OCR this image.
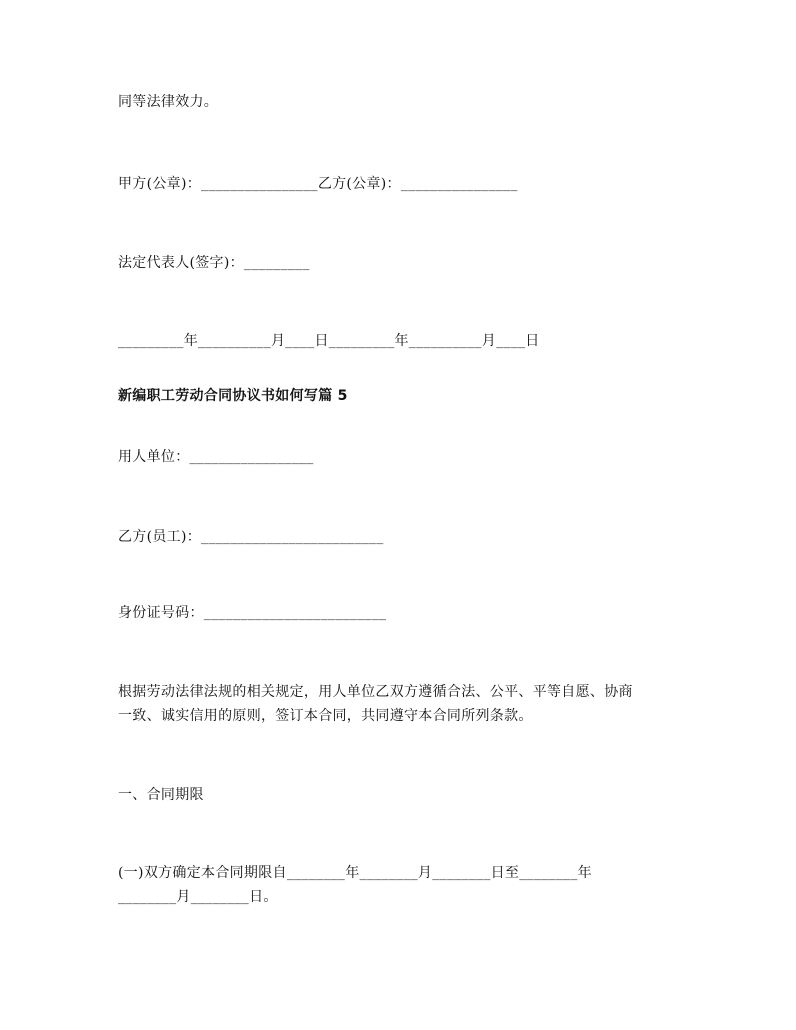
同等法律效力。
甲方(公章)：________________乙方(公章)：________________
法定代表人(签字)：_________
_________年__________月____日_________年__________月____日
新编职工劳动合同协议书如何写篇 5
用人单位：_________________
乙方(员工)：_________________________
身份证号码：_________________________
根据劳动法律法规的相关规定，用人单位乙双方遵循合法、公平、平等自愿、协商
一致、诚实信用的原则，签订本合同，共同遵守本合同所列条款。
一、合同期限
(一)双方确定本合同期限自________年________月________日至________年
________月________日。
